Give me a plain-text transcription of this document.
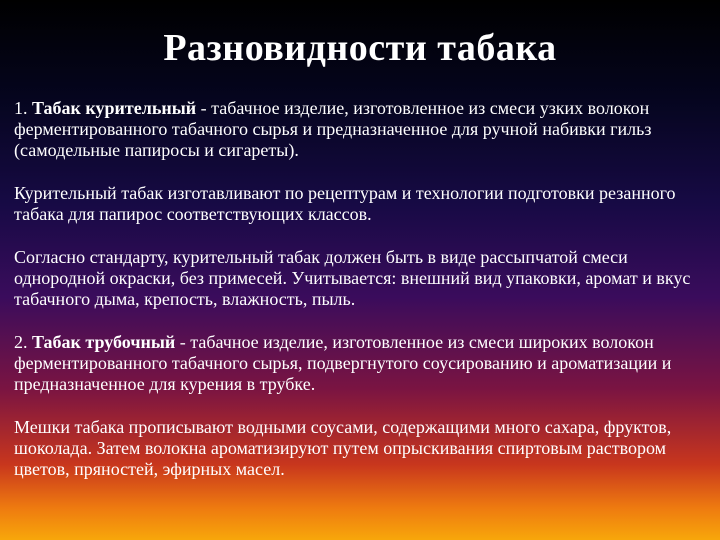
Разновидности табака

1. Табак курительный - табачное изделие, изготовленное из смеси узких волокон ферментированного табачного сырья и предназначенное для ручной набивки гильз (самодельные папиросы и сигареты).

Курительный табак изготавливают по рецептурам и технологии подготовки резанного табака для папирос соответствующих классов.

Согласно стандарту, курительный табак должен быть в виде рассыпчатой смеси однородной окраски, без примесей. Учитывается: внешний вид упаковки, аромат и вкус табачного дыма, крепость, влажность, пыль.

2. Табак трубочный - табачное изделие, изготовленное из смеси широких волокон ферментированного табачного сырья, подвергнутого соусированию и ароматизации и предназначенное для курения в трубке.

Мешки табака прописывают водными соусами, содержащими много сахара, фруктов, шоколада. Затем волокна ароматизируют путем опрыскивания спиртовым раствором цветов, пряностей, эфирных масел.
